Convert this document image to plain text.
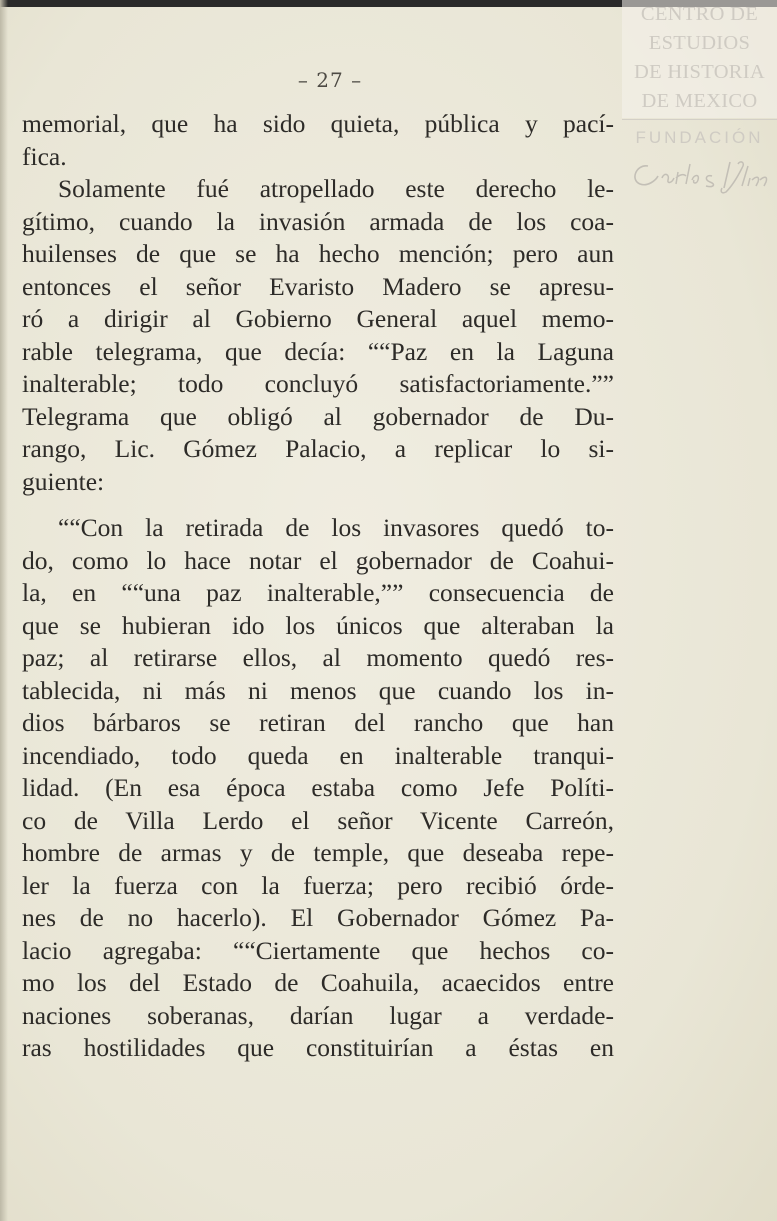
CENTRO DE
ESTUDIOS
DE HISTORIA
DE MEXICO
FUNDACIÓN
– 27 –
memorial, que ha sido quieta, pública y pací-
fica.
Solamente fué atropellado este derecho le-
gítimo, cuando la invasión armada de los coa-
huilenses de que se ha hecho mención; pero aun
entonces el señor Evaristo Madero se apresu-
ró a dirigir al Gobierno General aquel memo-
rable telegrama, que decía: ““Paz en la Laguna
inalterable; todo concluyó satisfactoriamente.””
Telegrama que obligó al gobernador de Du-
rango, Lic. Gómez Palacio, a replicar lo si-
guiente:
““Con la retirada de los invasores quedó to-
do, como lo hace notar el gobernador de Coahui-
la, en ““una paz inalterable,”” consecuencia de
que se hubieran ido los únicos que alteraban la
paz; al retirarse ellos, al momento quedó res-
tablecida, ni más ni menos que cuando los in-
dios bárbaros se retiran del rancho que han
incendiado, todo queda en inalterable tranqui-
lidad. (En esa época estaba como Jefe Políti-
co de Villa Lerdo el señor Vicente Carreón,
hombre de armas y de temple, que deseaba repe-
ler la fuerza con la fuerza; pero recibió órde-
nes de no hacerlo). El Gobernador Gómez Pa-
lacio agregaba: ““Ciertamente que hechos co-
mo los del Estado de Coahuila, acaecidos entre
naciones soberanas, darían lugar a verdade-
ras hostilidades que constituirían a éstas en
